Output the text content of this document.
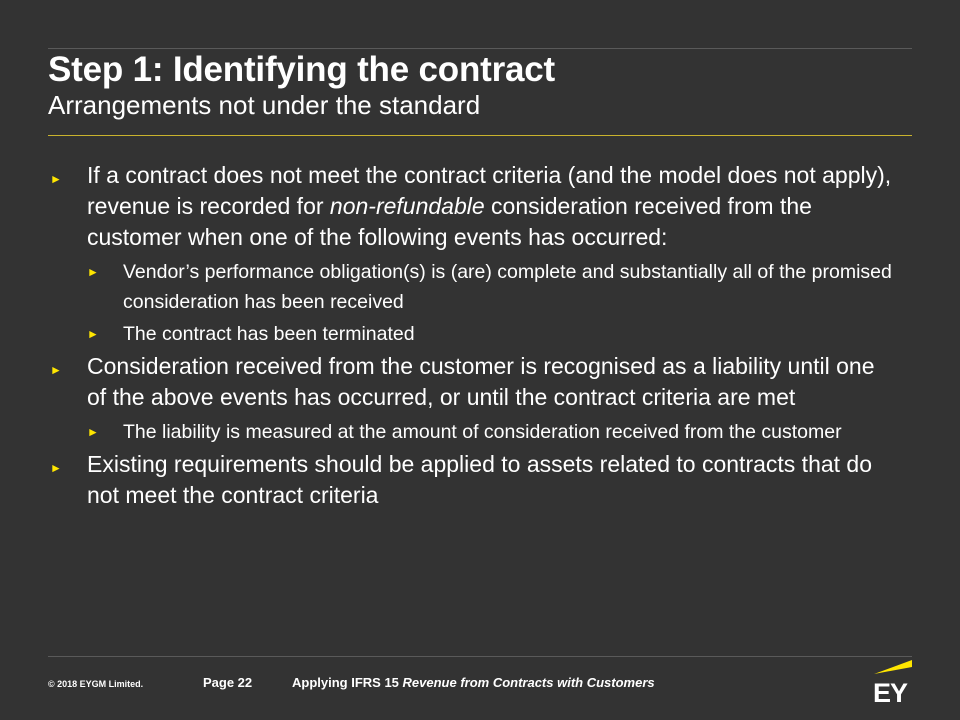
Step 1: Identifying the contract
Arrangements not under the standard
►	If a contract does not meet the contract criteria (and the model does not apply), revenue is recorded for non-refundable consideration received from the customer when one of the following events has occurred:
►	Vendor’s performance obligation(s) is (are) complete and substantially all of the promised consideration has been received
►	The contract has been terminated
►	Consideration received from the customer is recognised as a liability until one of the above events has occurred, or until the contract criteria are met
►	The liability is measured at the amount of consideration received from the customer
►	Existing requirements should be applied to assets related to contracts that do not meet the contract criteria
© 2018 EYGM Limited.	Page 22	Applying IFRS 15 Revenue from Contracts with Customers	EY
